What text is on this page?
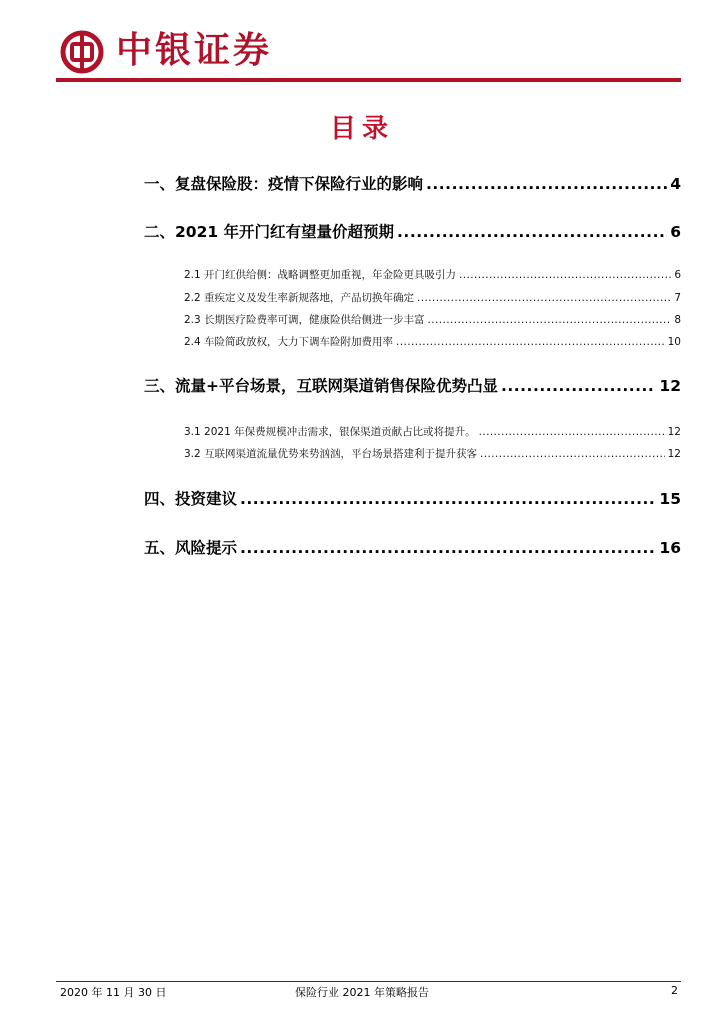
中银证券
目录
一、复盘保险股：疫情下保险行业的影响 .....	4
二、2021 年开门红有望量价超预期 .....	6
2.1 开门红供给侧：战略调整更加重视，年金险更具吸引力 .....	6
2.2 重疾定义及发生率新规落地，产品切换年确定 .....	7
2.3 长期医疗险费率可调，健康险供给侧进一步丰富 .....	8
2.4 车险简政放权，大力下调车险附加费用率 .....	10
三、流量+平台场景，互联网渠道销售保险优势凸显 .....	12
3.1 2021 年保费规模冲击需求，银保渠道贡献占比或将提升。 .....	12
3.2 互联网渠道流量优势来势汹汹，平台场景搭建利于提升获客 .....	12
四、投资建议 .....	15
五、风险提示 .....	16
2020 年 11 月 30 日	保险行业 2021 年策略报告	2
